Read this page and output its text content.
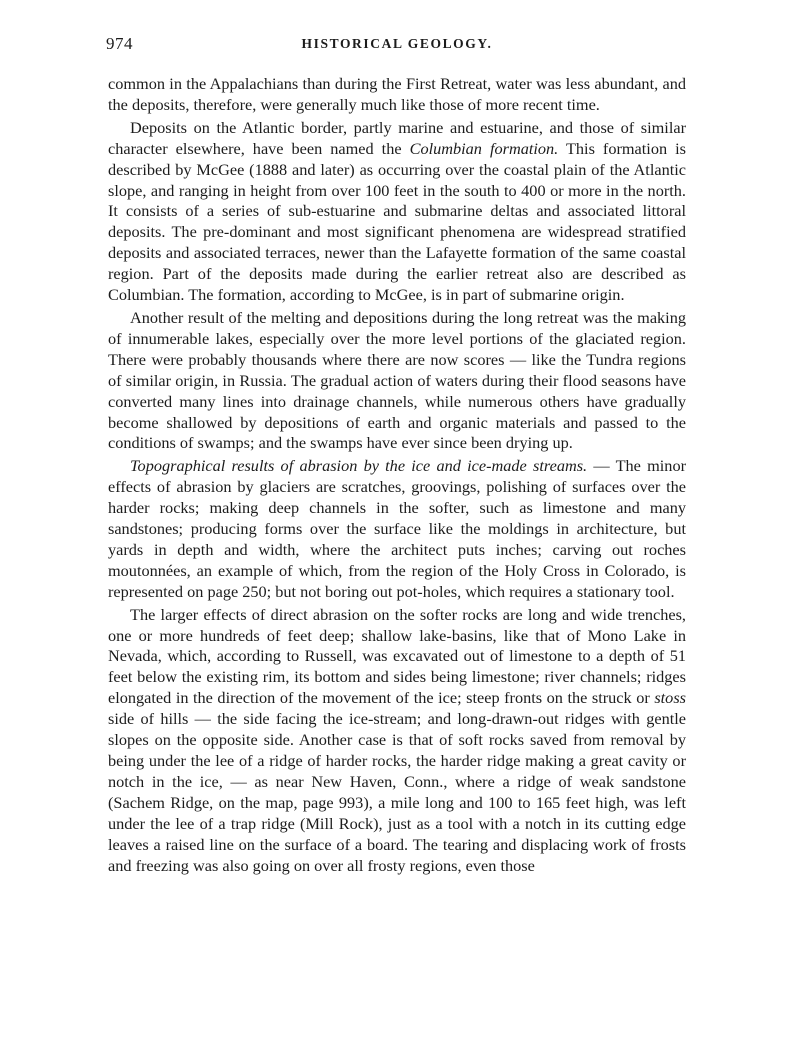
974	HISTORICAL GEOLOGY.

common in the Appalachians than during the First Retreat, water was less abundant, and the deposits, therefore, were generally much like those of more recent time.

Deposits on the Atlantic border, partly marine and estuarine, and those of similar character elsewhere, have been named the Columbian formation. This formation is described by McGee (1888 and later) as occurring over the coastal plain of the Atlantic slope, and ranging in height from over 100 feet in the south to 400 or more in the north. It consists of a series of sub-estuarine and submarine deltas and associated littoral deposits. The pre-dominant and most significant phenomena are widespread stratified deposits and associated terraces, newer than the Lafayette formation of the same coastal region. Part of the deposits made during the earlier retreat also are described as Columbian. The formation, according to McGee, is in part of submarine origin.

Another result of the melting and depositions during the long retreat was the making of innumerable lakes, especially over the more level portions of the glaciated region. There were probably thousands where there are now scores — like the Tundra regions of similar origin, in Russia. The gradual action of waters during their flood seasons have converted many lines into drainage channels, while numerous others have gradually become shallowed by depositions of earth and organic materials and passed to the conditions of swamps; and the swamps have ever since been drying up.

Topographical results of abrasion by the ice and ice-made streams. — The minor effects of abrasion by glaciers are scratches, groovings, polishing of surfaces over the harder rocks; making deep channels in the softer, such as limestone and many sandstones; producing forms over the surface like the moldings in architecture, but yards in depth and width, where the architect puts inches; carving out roches moutonnées, an example of which, from the region of the Holy Cross in Colorado, is represented on page 250; but not boring out pot-holes, which requires a stationary tool.

The larger effects of direct abrasion on the softer rocks are long and wide trenches, one or more hundreds of feet deep; shallow lake-basins, like that of Mono Lake in Nevada, which, according to Russell, was excavated out of limestone to a depth of 51 feet below the existing rim, its bottom and sides being limestone; river channels; ridges elongated in the direction of the movement of the ice; steep fronts on the struck or stoss side of hills — the side facing the ice-stream; and long-drawn-out ridges with gentle slopes on the opposite side. Another case is that of soft rocks saved from removal by being under the lee of a ridge of harder rocks, the harder ridge making a great cavity or notch in the ice, — as near New Haven, Conn., where a ridge of weak sandstone (Sachem Ridge, on the map, page 993), a mile long and 100 to 165 feet high, was left under the lee of a trap ridge (Mill Rock), just as a tool with a notch in its cutting edge leaves a raised line on the surface of a board. The tearing and displacing work of frosts and freezing was also going on over all frosty regions, even those
